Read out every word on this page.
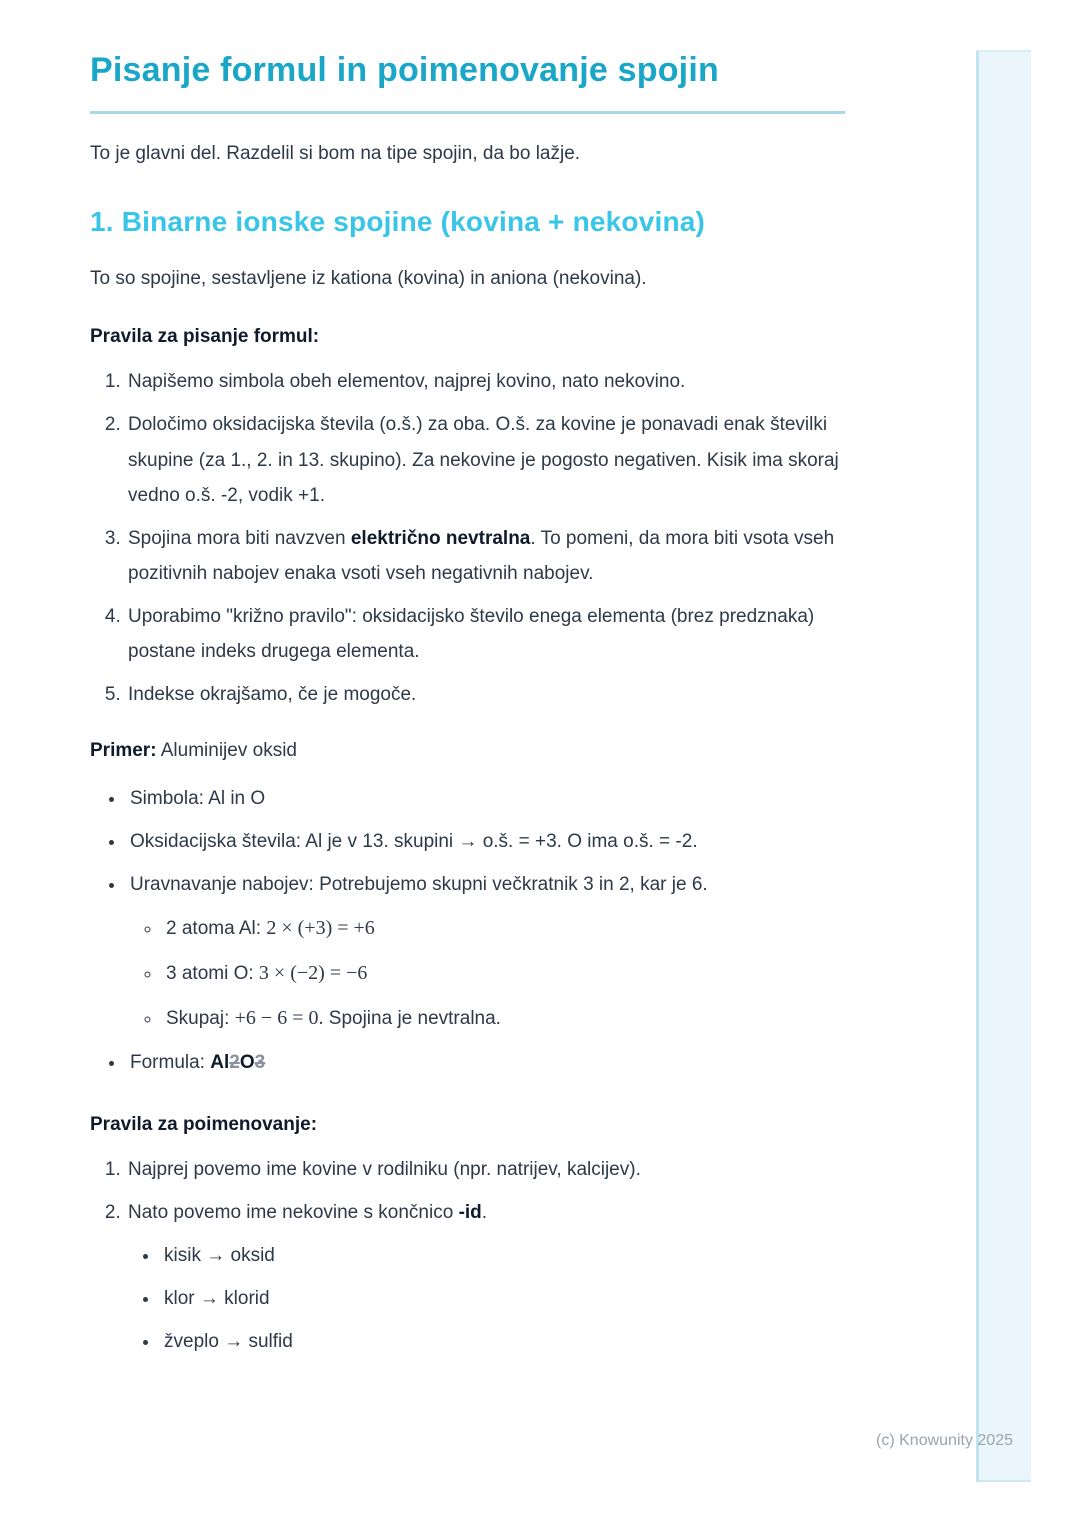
Pisanje formul in poimenovanje spojin

To je glavni del. Razdelil si bom na tipe spojin, da bo lažje.

1. Binarne ionske spojine (kovina + nekovina)

To so spojine, sestavljene iz kationa (kovina) in aniona (nekovina).

Pravila za pisanje formul:

1. Napišemo simbola obeh elementov, najprej kovino, nato nekovino.
2. Določimo oksidacijska števila (o.š.) za oba. O.š. za kovine je ponavadi enak številki skupine (za 1., 2. in 13. skupino). Za nekovine je pogosto negativen. Kisik ima skoraj vedno o.š. -2, vodik +1.
3. Spojina mora biti navzven električno nevtralna. To pomeni, da mora biti vsota vseh pozitivnih nabojev enaka vsoti vseh negativnih nabojev.
4. Uporabimo "križno pravilo": oksidacijsko število enega elementa (brez predznaka) postane indeks drugega elementa.
5. Indekse okrajšamo, če je mogoče.

Primer: Aluminijev oksid

• Simbola: Al in O
• Oksidacijska števila: Al je v 13. skupini → o.š. = +3. O ima o.š. = -2.
• Uravnavanje nabojev: Potrebujemo skupni večkratnik 3 in 2, kar je 6.
◦ 2 atoma Al: 2 × (+3) = +6
◦ 3 atomi O: 3 × (−2) = −6
◦ Skupaj: +6 − 6 = 0. Spojina je nevtralna.
• Formula: Al2O3

Pravila za poimenovanje:

1. Najprej povemo ime kovine v rodilniku (npr. natrijev, kalcijev).
2. Nato povemo ime nekovine s končnico -id.
• kisik → oksid
• klor → klorid
• žveplo → sulfid
(c) Knowunity 2025
